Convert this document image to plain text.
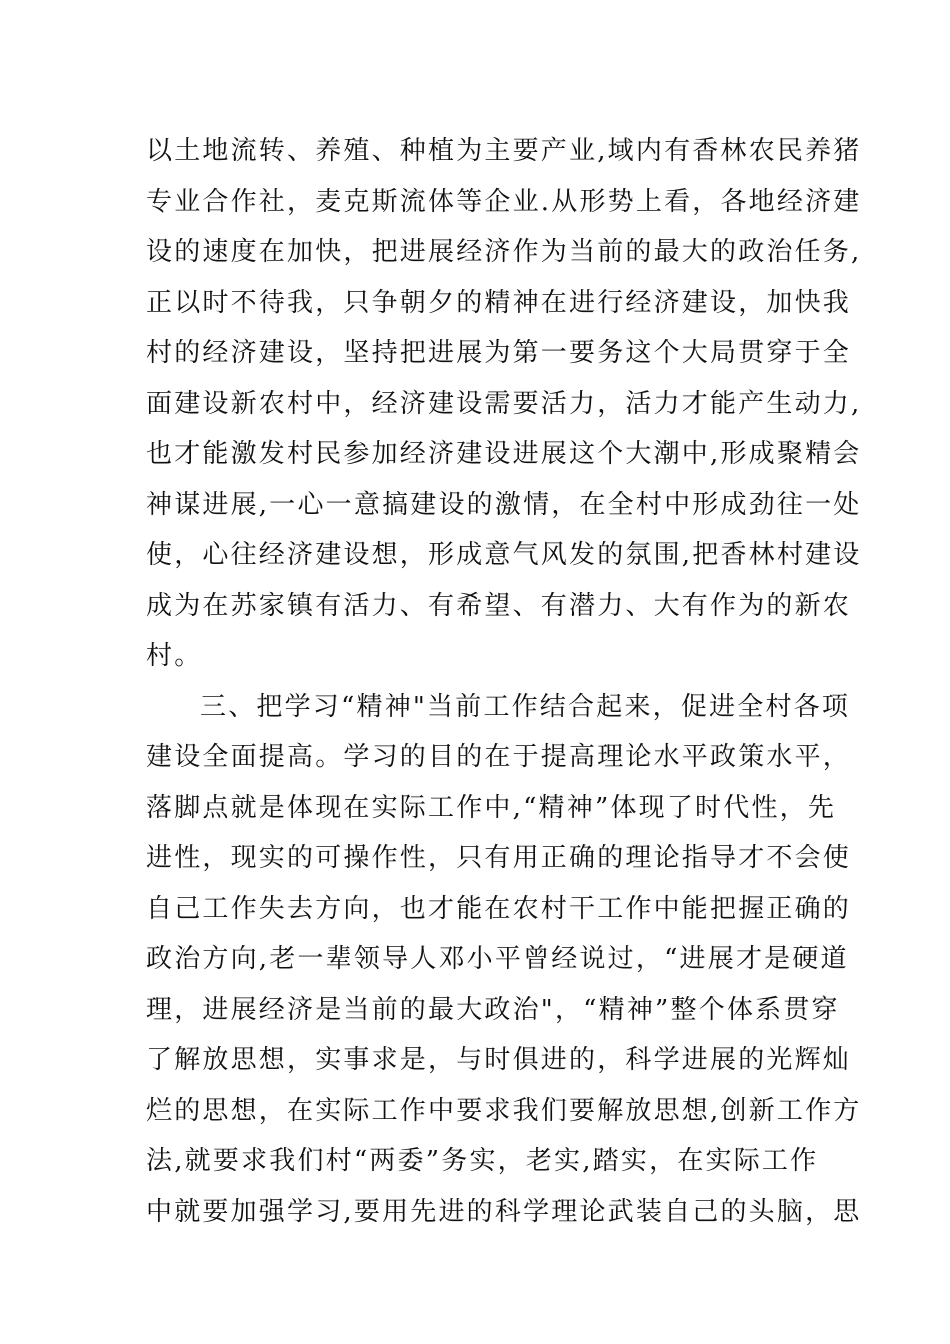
以土地流转、养殖、种植为主要产业,域内有香林农民养猪
专业合作社，麦克斯流体等企业.从形势上看，各地经济建
设的速度在加快，把进展经济作为当前的最大的政治任务,
正以时不待我，只争朝夕的精神在进行经济建设，加快我
村的经济建设，坚持把进展为第一要务这个大局贯穿于全
面建设新农村中，经济建设需要活力，活力才能产生动力,
也才能激发村民参加经济建设进展这个大潮中,形成聚精会
神谋进展,一心一意搞建设的激情，在全村中形成劲往一处
使，心往经济建设想，形成意气风发的氛围,把香林村建设
成为在苏家镇有活力、有希望、有潜力、大有作为的新农
村。
三、把学习“精神"当前工作结合起来，促进全村各项
建设全面提高。学习的目的在于提高理论水平政策水平，
落脚点就是体现在实际工作中,“精神”体现了时代性，先
进性，现实的可操作性，只有用正确的理论指导才不会使
自己工作失去方向，也才能在农村干工作中能把握正确的
政治方向,老一辈领导人邓小平曾经说过，“进展才是硬道
理，进展经济是当前的最大政治"，“精神”整个体系贯穿
了解放思想，实事求是，与时俱进的，科学进展的光辉灿
烂的思想，在实际工作中要求我们要解放思想,创新工作方
法,就要求我们村“两委”务实，老实,踏实，在实际工作
中就要加强学习,要用先进的科学理论武装自己的头脑，思
